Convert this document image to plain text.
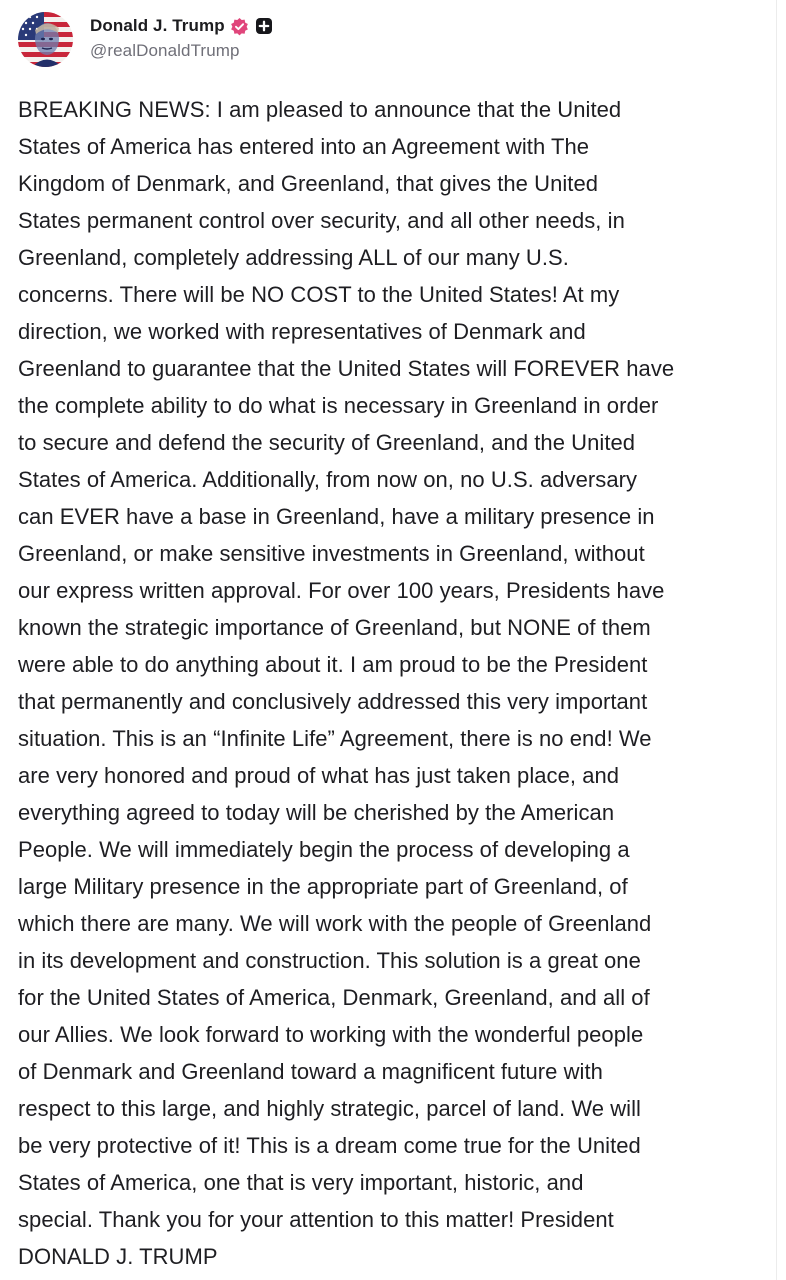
Donald J. Trump
@realDonaldTrump
BREAKING NEWS: I am pleased to announce that the United
States of America has entered into an Agreement with The
Kingdom of Denmark, and Greenland, that gives the United
States permanent control over security, and all other needs, in
Greenland, completely addressing ALL of our many U.S.
concerns. There will be NO COST to the United States! At my
direction, we worked with representatives of Denmark and
Greenland to guarantee that the United States will FOREVER have
the complete ability to do what is necessary in Greenland in order
to secure and defend the security of Greenland, and the United
States of America. Additionally, from now on, no U.S. adversary
can EVER have a base in Greenland, have a military presence in
Greenland, or make sensitive investments in Greenland, without
our express written approval. For over 100 years, Presidents have
known the strategic importance of Greenland, but NONE of them
were able to do anything about it. I am proud to be the President
that permanently and conclusively addressed this very important
situation. This is an “Infinite Life” Agreement, there is no end! We
are very honored and proud of what has just taken place, and
everything agreed to today will be cherished by the American
People. We will immediately begin the process of developing a
large Military presence in the appropriate part of Greenland, of
which there are many. We will work with the people of Greenland
in its development and construction. This solution is a great one
for the United States of America, Denmark, Greenland, and all of
our Allies. We look forward to working with the wonderful people
of Denmark and Greenland toward a magnificent future with
respect to this large, and highly strategic, parcel of land. We will
be very protective of it! This is a dream come true for the United
States of America, one that is very important, historic, and
special. Thank you for your attention to this matter! President
DONALD J. TRUMP
